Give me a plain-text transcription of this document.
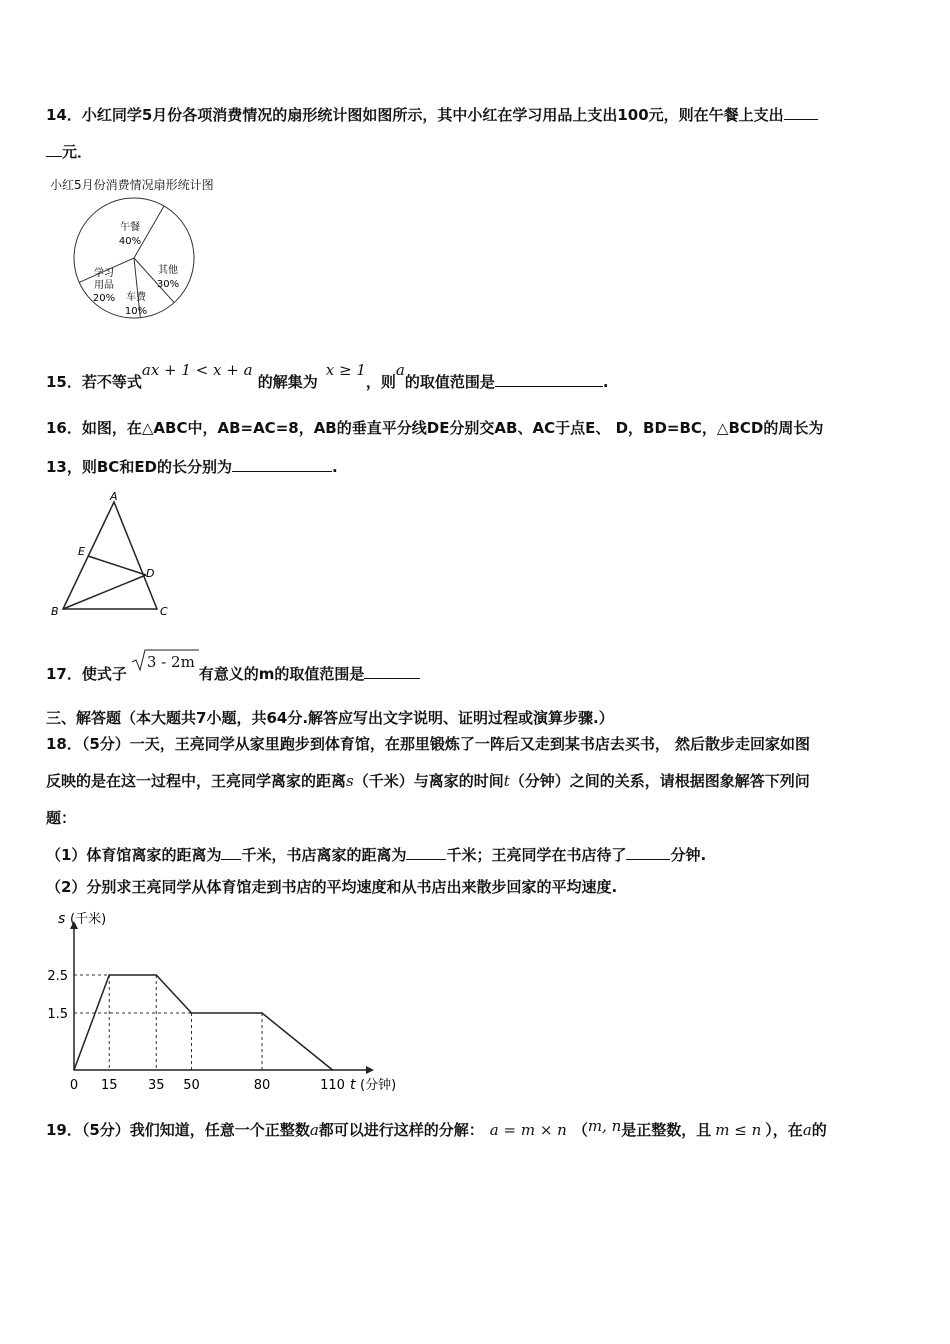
14．小红同学5月份各项消费情况的扇形统计图如图所示，其中小红在学习用品上支出100元，则在午餐上支出
元．
小红5月份消费情况扇形统计图
午餐
40%
其他
30%
车费
10%
学习
用品
20%
15．若不等式ax + 1 < x + a 的解集为x ≥ 1，则a的取值范围是	.
16．如图，在△ABC中，AB=AC=8，AB的垂直平分线DE分别交AB、AC于点E、 D，BD=BC，△BCD的周长为
13，则BC和ED的长分别为	.
A
E
D
B	C
17．使式子
3 - 2m有意义的m的取值范围是
三、解答题（本大题共7小题，共64分.解答应写出文字说明、证明过程或演算步骤.）
18．（5分）一天，王亮同学从家里跑步到体育馆，在那里锻炼了一阵后又走到某书店去买书， 然后散步走回家如图
反映的是在这一过程中，王亮同学离家的距离s（千米）与离家的时间t（分钟）之间的关系，请根据图象解答下列问
题：
（1）体育馆离家的距离为 千米，书店离家的距离为	千米；王亮同学在书店待了	分钟.
（2）分别求王亮同学从体育馆走到书店的平均速度和从书店出来散步回家的平均速度.
2.5
1.5
0 15 35 50	80	110
s (千米)
t (分钟)
19．（5分）我们知道，任意一个正整数a都可以进行这样的分解： a = m × n （m, n是正整数，且 m ≤ n ），在a的
